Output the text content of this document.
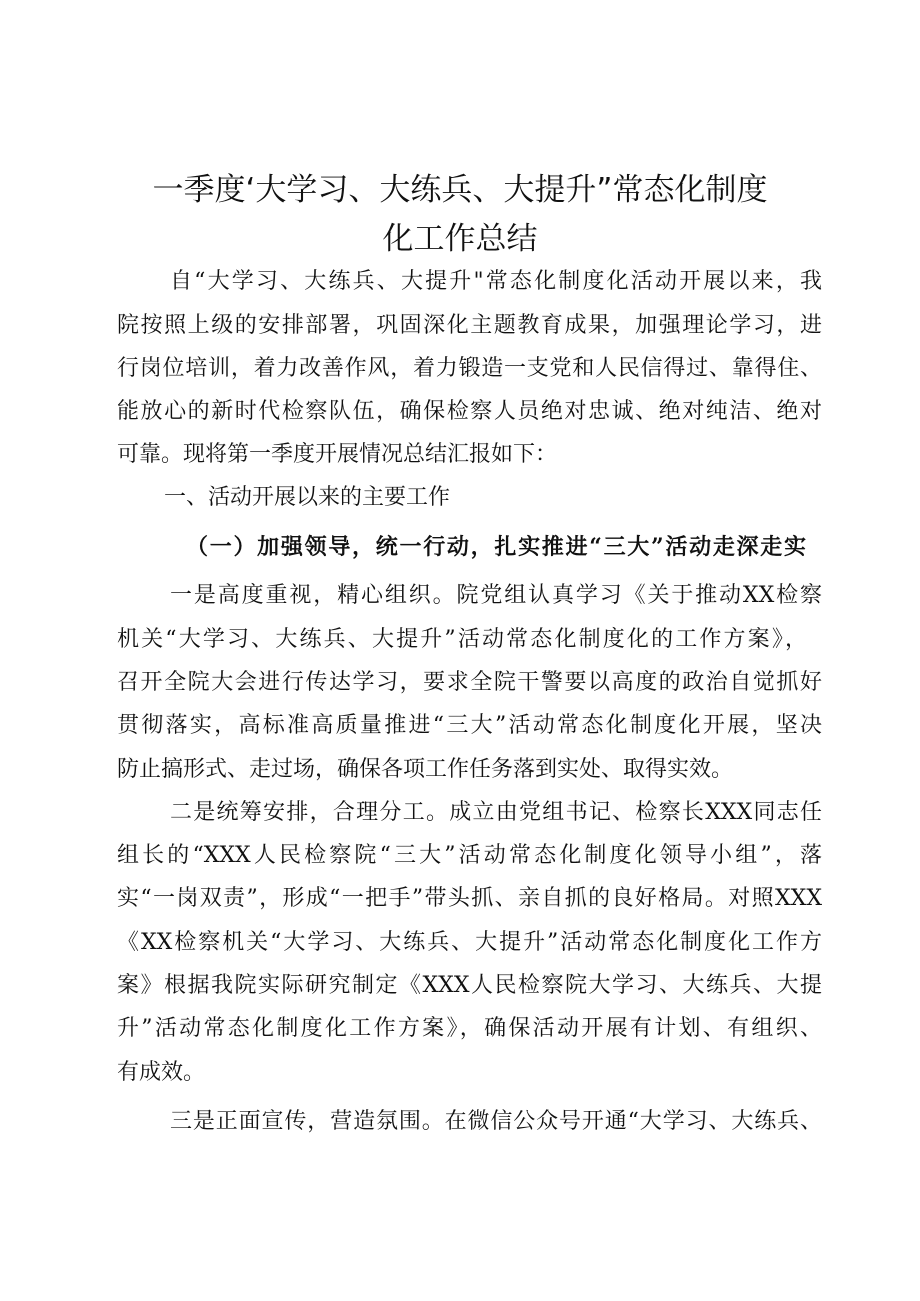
一季度‘大学习、大练兵、大提升”常态化制度
化工作总结
自“大学习、大练兵、大提升"常态化制度化活动开展以来，我
院按照上级的安排部署，巩固深化主题教育成果，加强理论学习，进
行岗位培训，着力改善作风，着力锻造一支党和人民信得过、靠得住、
能放心的新时代检察队伍，确保检察人员绝对忠诚、绝对纯洁、绝对
可靠。现将第一季度开展情况总结汇报如下：
一、活动开展以来的主要工作
（一）加强领导，统一行动，扎实推进“三大”活动走深走实
一是高度重视，精心组织。院党组认真学习《关于推动XX检察
机关“大学习、大练兵、大提升”活动常态化制度化的工作方案》，
召开全院大会进行传达学习，要求全院干警要以高度的政治自觉抓好
贯彻落实，高标准高质量推进“三大”活动常态化制度化开展，坚决
防止搞形式、走过场，确保各项工作任务落到实处、取得实效。
二是统筹安排，合理分工。成立由党组书记、检察长XXX同志任
组长的“XXX人民检察院“三大”活动常态化制度化领导小组”，落
实“一岗双责”，形成“一把手”带头抓、亲自抓的良好格局。对照XXX
《XX检察机关“大学习、大练兵、大提升”活动常态化制度化工作方
案》根据我院实际研究制定《XXX人民检察院大学习、大练兵、大提
升”活动常态化制度化工作方案》，确保活动开展有计划、有组织、
有成效。
三是正面宣传，营造氛围。在微信公众号开通“大学习、大练兵、
